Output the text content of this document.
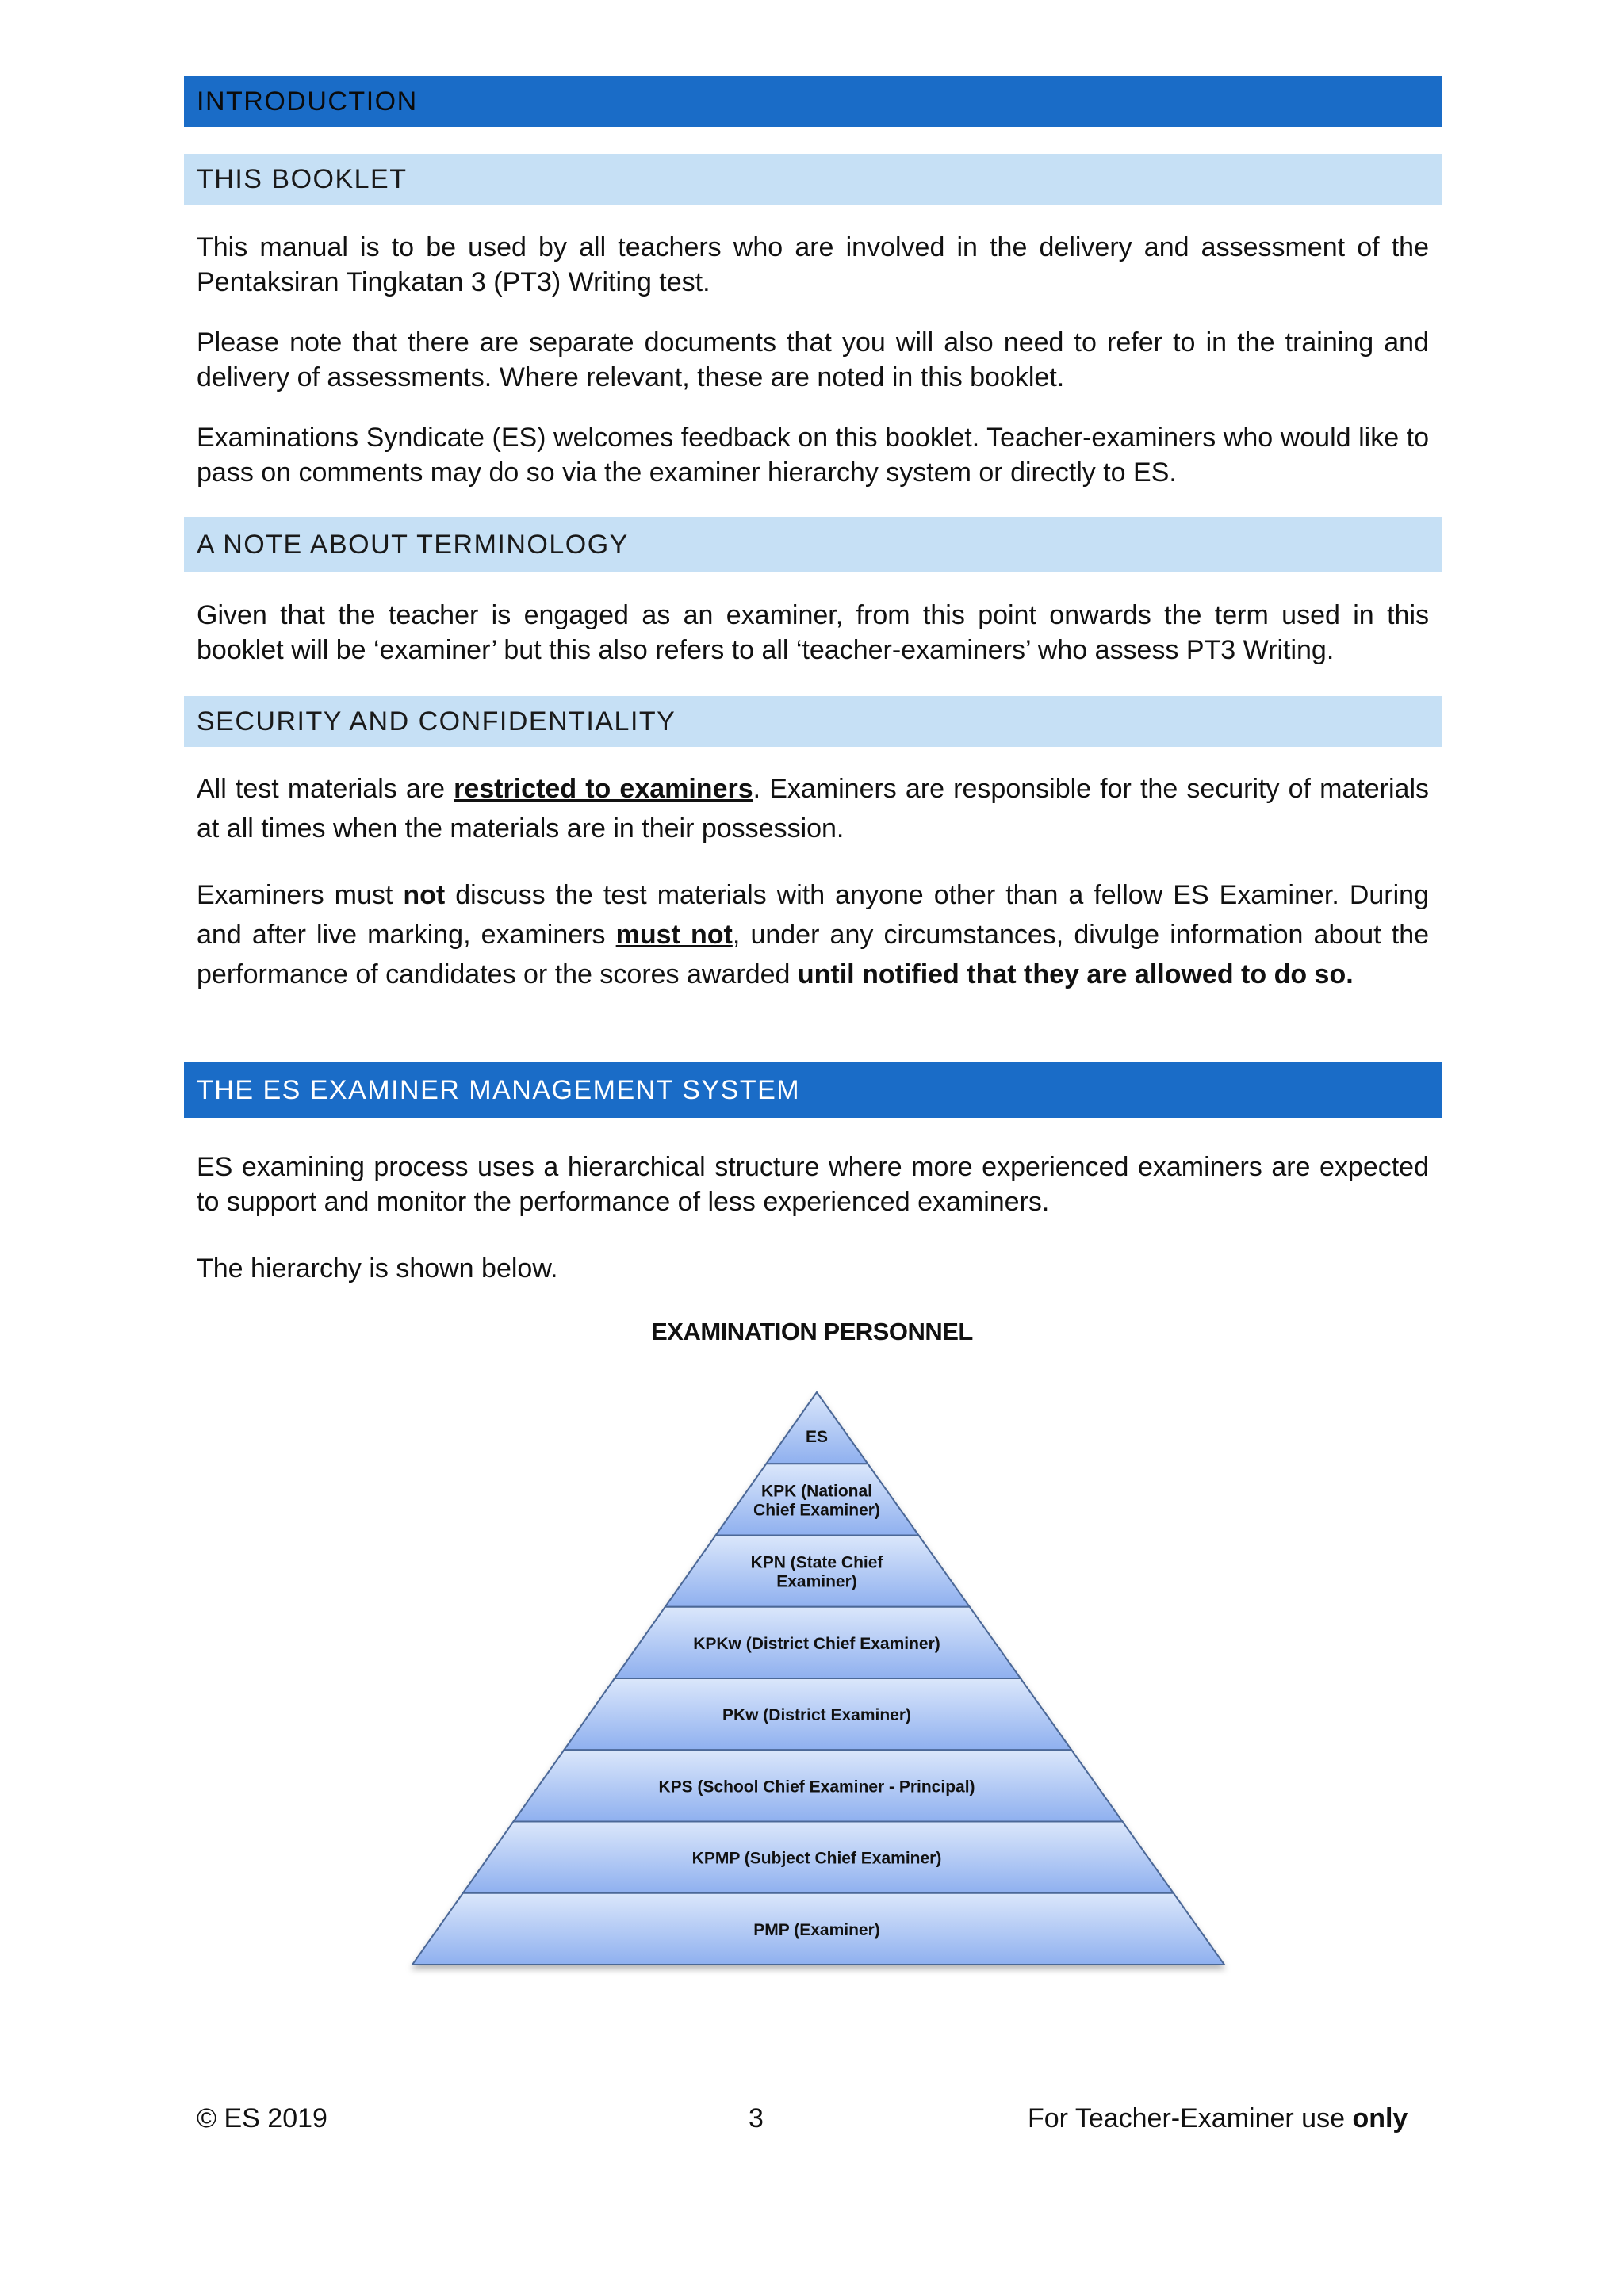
INTRODUCTION
THIS BOOKLET

This manual is to be used by all teachers who are involved in the delivery and assessment of the Pentaksiran Tingkatan 3 (PT3) Writing test.

Please note that there are separate documents that you will also need to refer to in the training and delivery of assessments. Where relevant, these are noted in this booklet.

Examinations Syndicate (ES) welcomes feedback on this booklet. Teacher-examiners who would like to pass on comments may do so via the examiner hierarchy system or directly to ES.

A NOTE ABOUT TERMINOLOGY

Given that the teacher is engaged as an examiner, from this point onwards the term used in this booklet will be ‘examiner’ but this also refers to all ‘teacher-examiners’ who assess PT3 Writing.

SECURITY AND CONFIDENTIALITY

All test materials are restricted to examiners. Examiners are responsible for the security of materials at all times when the materials are in their possession.

Examiners must not discuss the test materials with anyone other than a fellow ES Examiner. During and after live marking, examiners must not, under any circumstances, divulge information about the performance of candidates or the scores awarded until notified that they are allowed to do so.

THE ES EXAMINER MANAGEMENT SYSTEM

ES examining process uses a hierarchical structure where more experienced examiners are expected to support and monitor the performance of less experienced examiners.

The hierarchy is shown below.

EXAMINATION PERSONNEL
ES
KPK (National
Chief Examiner)
KPN (State Chief
Examiner)
KPKw (District Chief Examiner)
PKw (District Examiner)
KPS (School Chief Examiner - Principal)
KPMP (Subject Chief Examiner)
PMP (Examiner)
© ES 2019	3	For Teacher-Examiner use only
